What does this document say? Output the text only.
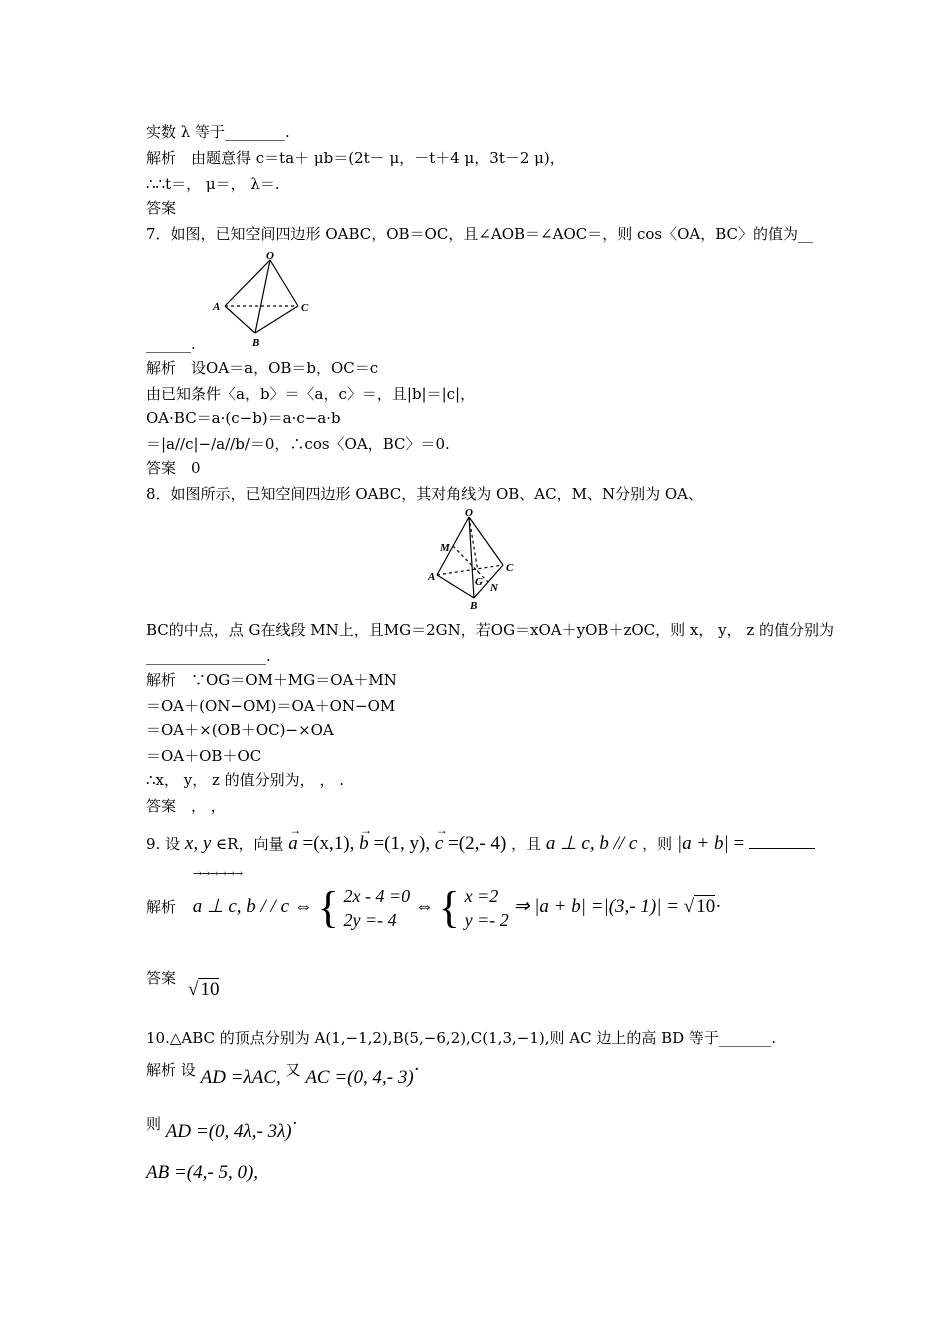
实数 λ 等于________.
解析　由题意得 c＝ta＋ μb＝(2t－ μ，－t＋4 μ，3t－2 μ)，
∴∴t＝， μ＝， λ＝.
答案
7．如图，已知空间四边形 OABC，OB＝OC，且∠AOB＝∠AOC＝，则 cos〈OA，BC〉的值为__
O
A	C
B
______.
解析　设OA＝a，OB＝b，OC＝c
由已知条件〈a，b〉＝〈a，c〉＝，且|b|＝|c|，
OA·BC＝a·(c−b)＝a·c−a·b
＝|a//c|−/a//b/＝0，∴cos〈OA，BC〉＝0.
答案　0
8．如图所示，已知空间四边形 OABC，其对角线为 OB、AC，M、N分别为 OA、
O
M
A	G
C
N
B
BC的中点，点 G在线段 MN上，且MG＝2GN，若OG＝xOA＋yOB＋zOC，则 x， y， z 的值分别为
________________.
解析　∵OG＝OM＋MG＝OA＋MN
＝OA＋(ON−OM)＝OA＋ON−OM
＝OA＋×(OB＋OC)−×OA
＝OA＋OB＋OC
∴x， y， z 的值分别为， ， .
答案　， ，
9. 设 x, y ∈R，向量 → a =(x,1), → b =(1, y), → c =(2,- 4) ，且 a ⊥ c, b // c ，则 |a + b| =
解析
→→→→→→
a ⊥ c, b / / c ⇔ { 2x - 4 =0
2y =- 4
⇔ { x =2
y =- 2
⇒ |a + b| =|(3,- 1)| = √ 10·
答案
√ 10
10.△ABC 的顶点分别为 A(1,−1,2),B(5,−6,2),C(1,3,−1),则 AC 边上的高 BD 等于_______.
解析 设 AD =λAC, 又 AC =(0, 4,- 3)·
则 AD =(0, 4λ,- 3λ)·
AB =(4,- 5, 0),
